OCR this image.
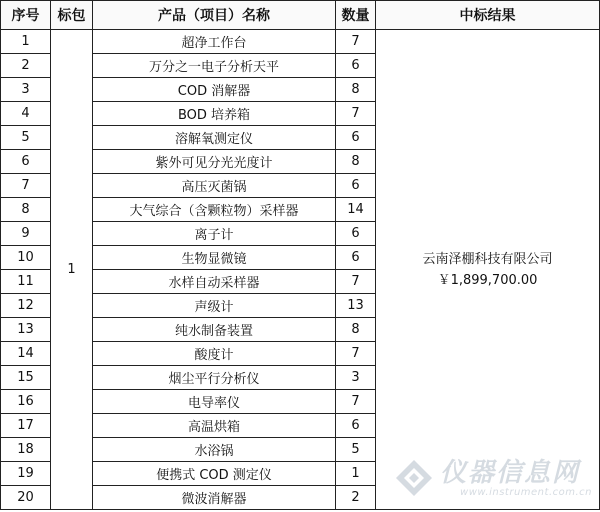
序号	标包	产品（项目）名称	数量	中标结果
1	1	超净工作台	7	云南泽棚科技有限公司
￥1,899,700.00

2		万分之一电子分析天平	6	
3		COD 消解器	8	
4		BOD 培养箱	7	
5		溶解氧测定仪	6	
6		紫外可见分光光度计	8	
7		高压灭菌锅	6	
8		大气综合（含颗粒物）采样器	14	
9		离子计	6	
10		生物显微镜	6	
11		水样自动采样器	7	
12		声级计	13	
13		纯水制备装置	8	
14		酸度计	7	
15		烟尘平行分析仪	3	
16		电导率仪	7	
17		高温烘箱	6	
18		水浴锅	5	
19		便携式 COD 测定仪	1	
20		微波消解器	2	
仪器信息网
www.instrument.com.cn
